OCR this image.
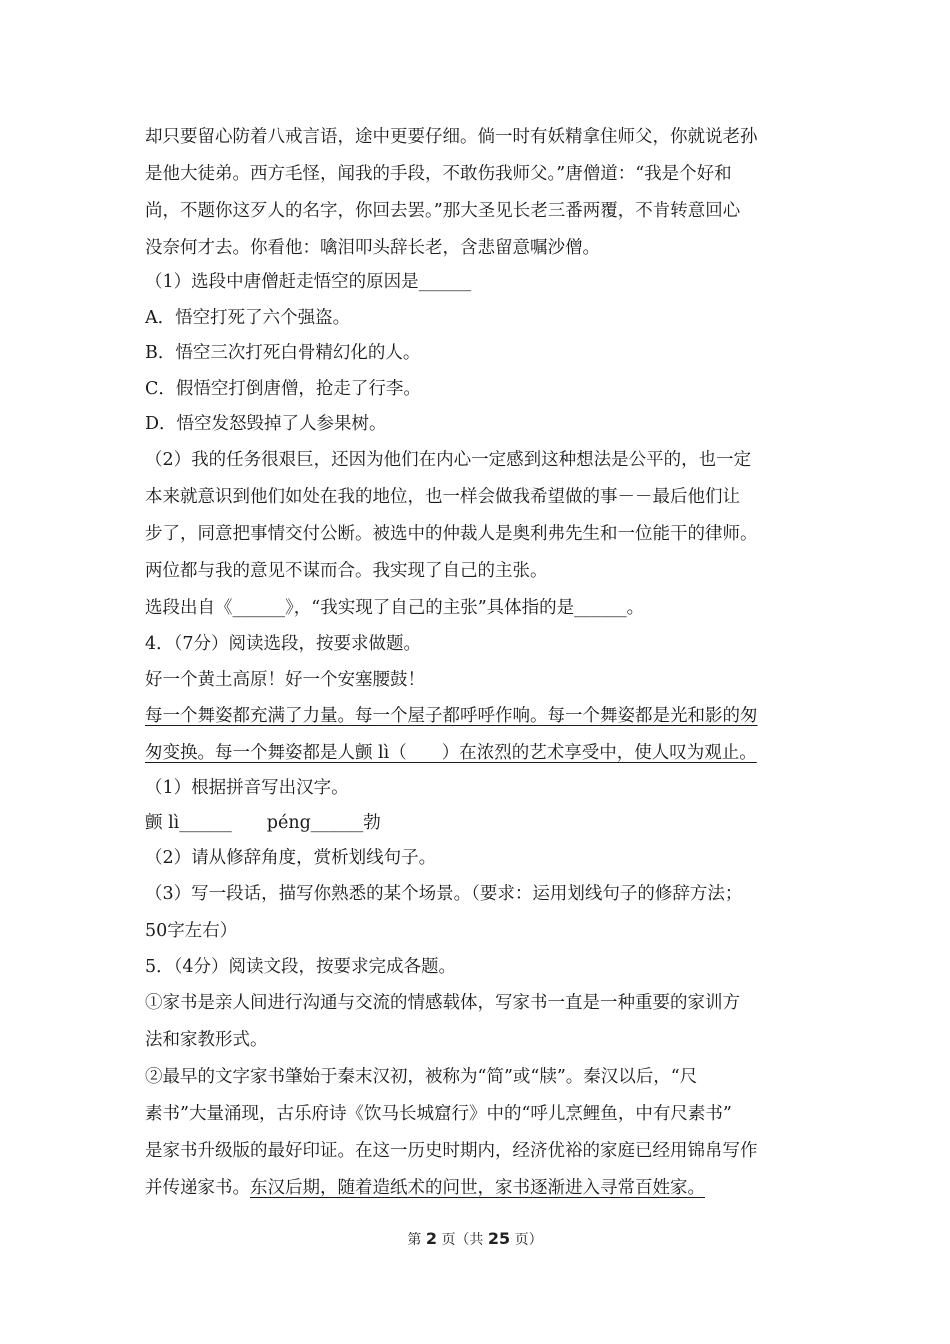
却只要留心防着八戒言语，途中更要仔细。倘一时有妖精拿住师父，你就说老孙
是他大徒弟。西方毛怪，闻我的手段，不敢伤我师父。”唐僧道：“我是个好和
尚，不题你这歹人的名字，你回去罢。”那大圣见长老三番两覆，不肯转意回心
没奈何才去。你看他：噙泪叩头辞长老，含悲留意嘱沙僧。
（1）选段中唐僧赶走悟空的原因是______
A．悟空打死了六个强盗。
B．悟空三次打死白骨精幻化的人。
C．假悟空打倒唐僧，抢走了行李。
D．悟空发怒毁掉了人参果树。
（2）我的任务很艰巨，还因为他们在内心一定感到这种想法是公平的，也一定
本来就意识到他们如处在我的地位，也一样会做我希望做的事－－最后他们让
步了，同意把事情交付公断。被选中的仲裁人是奥利弗先生和一位能干的律师。
两位都与我的意见不谋而合。我实现了自己的主张。
选段出自《______》，“我实现了自己的主张”具体指的是______。
4．（7分）阅读选段，按要求做题。
好一个黄土高原！好一个安塞腰鼓！
每一个舞姿都充满了力量。每一个屋子都呼呼作响。每一个舞姿都是光和影的匆
匆变换。每一个舞姿都是人颤 lì（　　）在浓烈的艺术享受中，使人叹为观止。
（1）根据拼音写出汉字。
颤 lì______　　péng______勃
（2）请从修辞角度，赏析划线句子。
（3）写一段话，描写你熟悉的某个场景。（要求：运用划线句子的修辞方法；
50字左右）
5．（4分）阅读文段，按要求完成各题。
①家书是亲人间进行沟通与交流的情感载体，写家书一直是一种重要的家训方
法和家教形式。
②最早的文字家书肇始于秦末汉初，被称为“简”或“牍”。秦汉以后，“尺
素书”大量涌现，古乐府诗《饮马长城窟行》中的“呼儿烹鲤鱼，中有尺素书”
是家书升级版的最好印证。在这一历史时期内，经济优裕的家庭已经用锦帛写作
并传递家书。东汉后期，随着造纸术的问世，家书逐渐进入寻常百姓家。
第 2 页（共 25 页）
